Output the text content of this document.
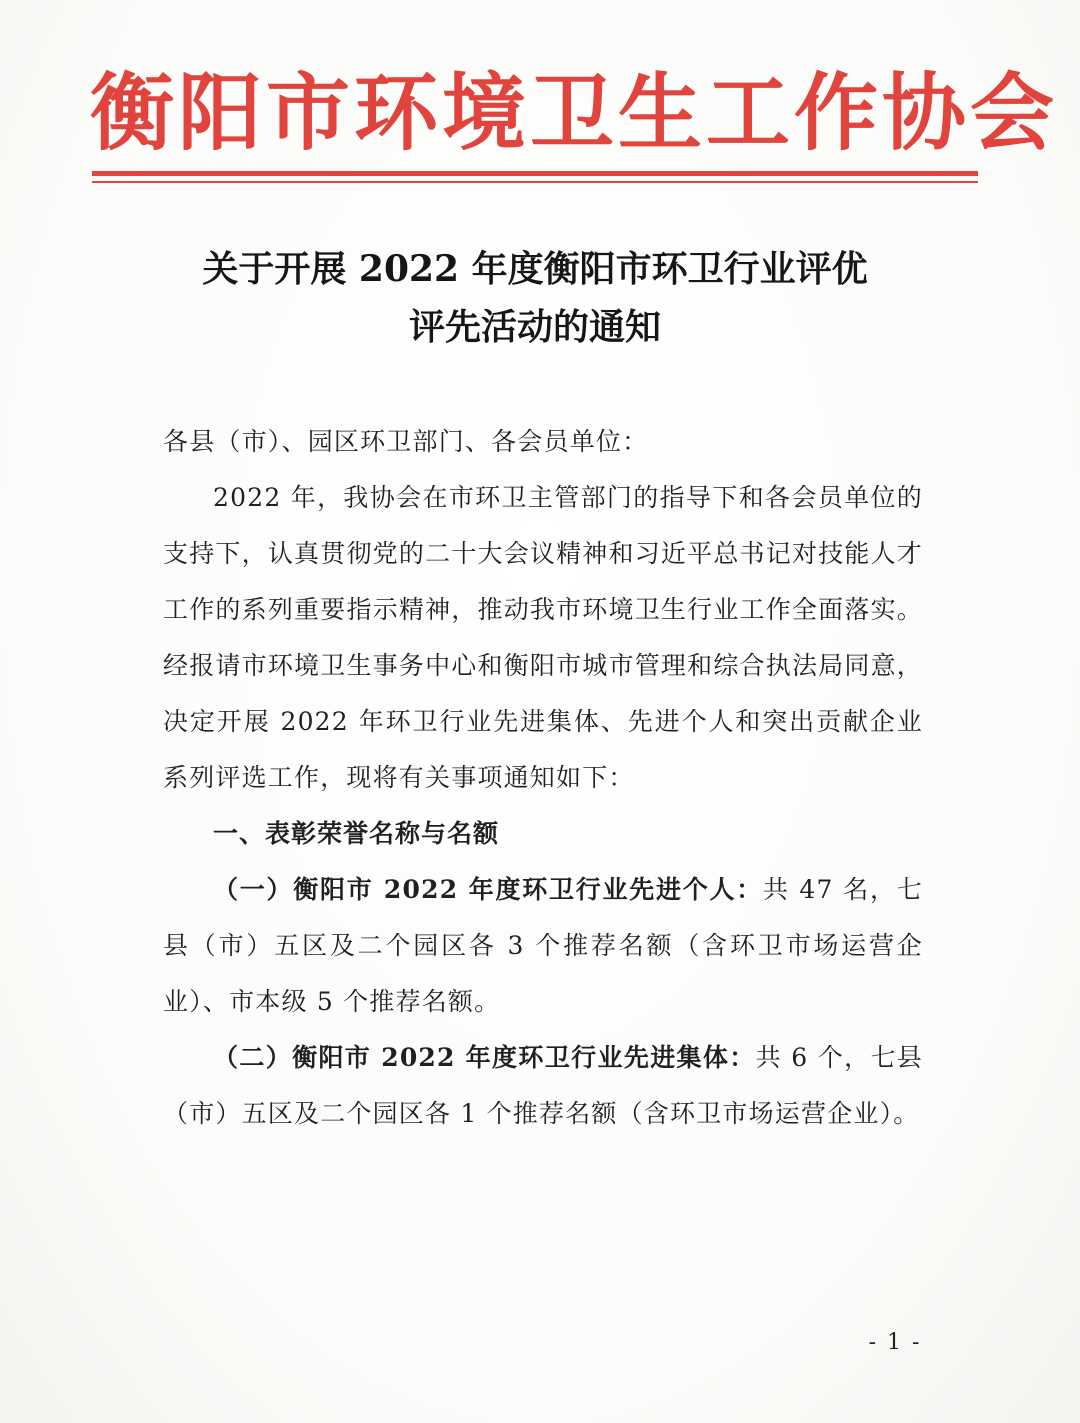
衡阳市环境卫生工作协会
关于开展 2022 年度衡阳市环卫行业评优
评先活动的通知

各县（市）、园区环卫部门、各会员单位：

2022 年，我协会在市环卫主管部门的指导下和各会员单位的支持下，认真贯彻党的二十大会议精神和习近平总书记对技能人才工作的系列重要指示精神，推动我市环境卫生行业工作全面落实。经报请市环境卫生事务中心和衡阳市城市管理和综合执法局同意，决定开展 2022 年环卫行业先进集体、先进个人和突出贡献企业系列评选工作，现将有关事项通知如下：

一、表彰荣誉名称与名额

（一）衡阳市 2022 年度环卫行业先进个人：共 47 名，七县（市）五区及二个园区各 3 个推荐名额（含环卫市场运营企业）、市本级 5 个推荐名额。

（二）衡阳市 2022 年度环卫行业先进集体：共 6 个，七县（市）五区及二个园区各 1 个推荐名额（含环卫市场运营企业）。

- 1 -
